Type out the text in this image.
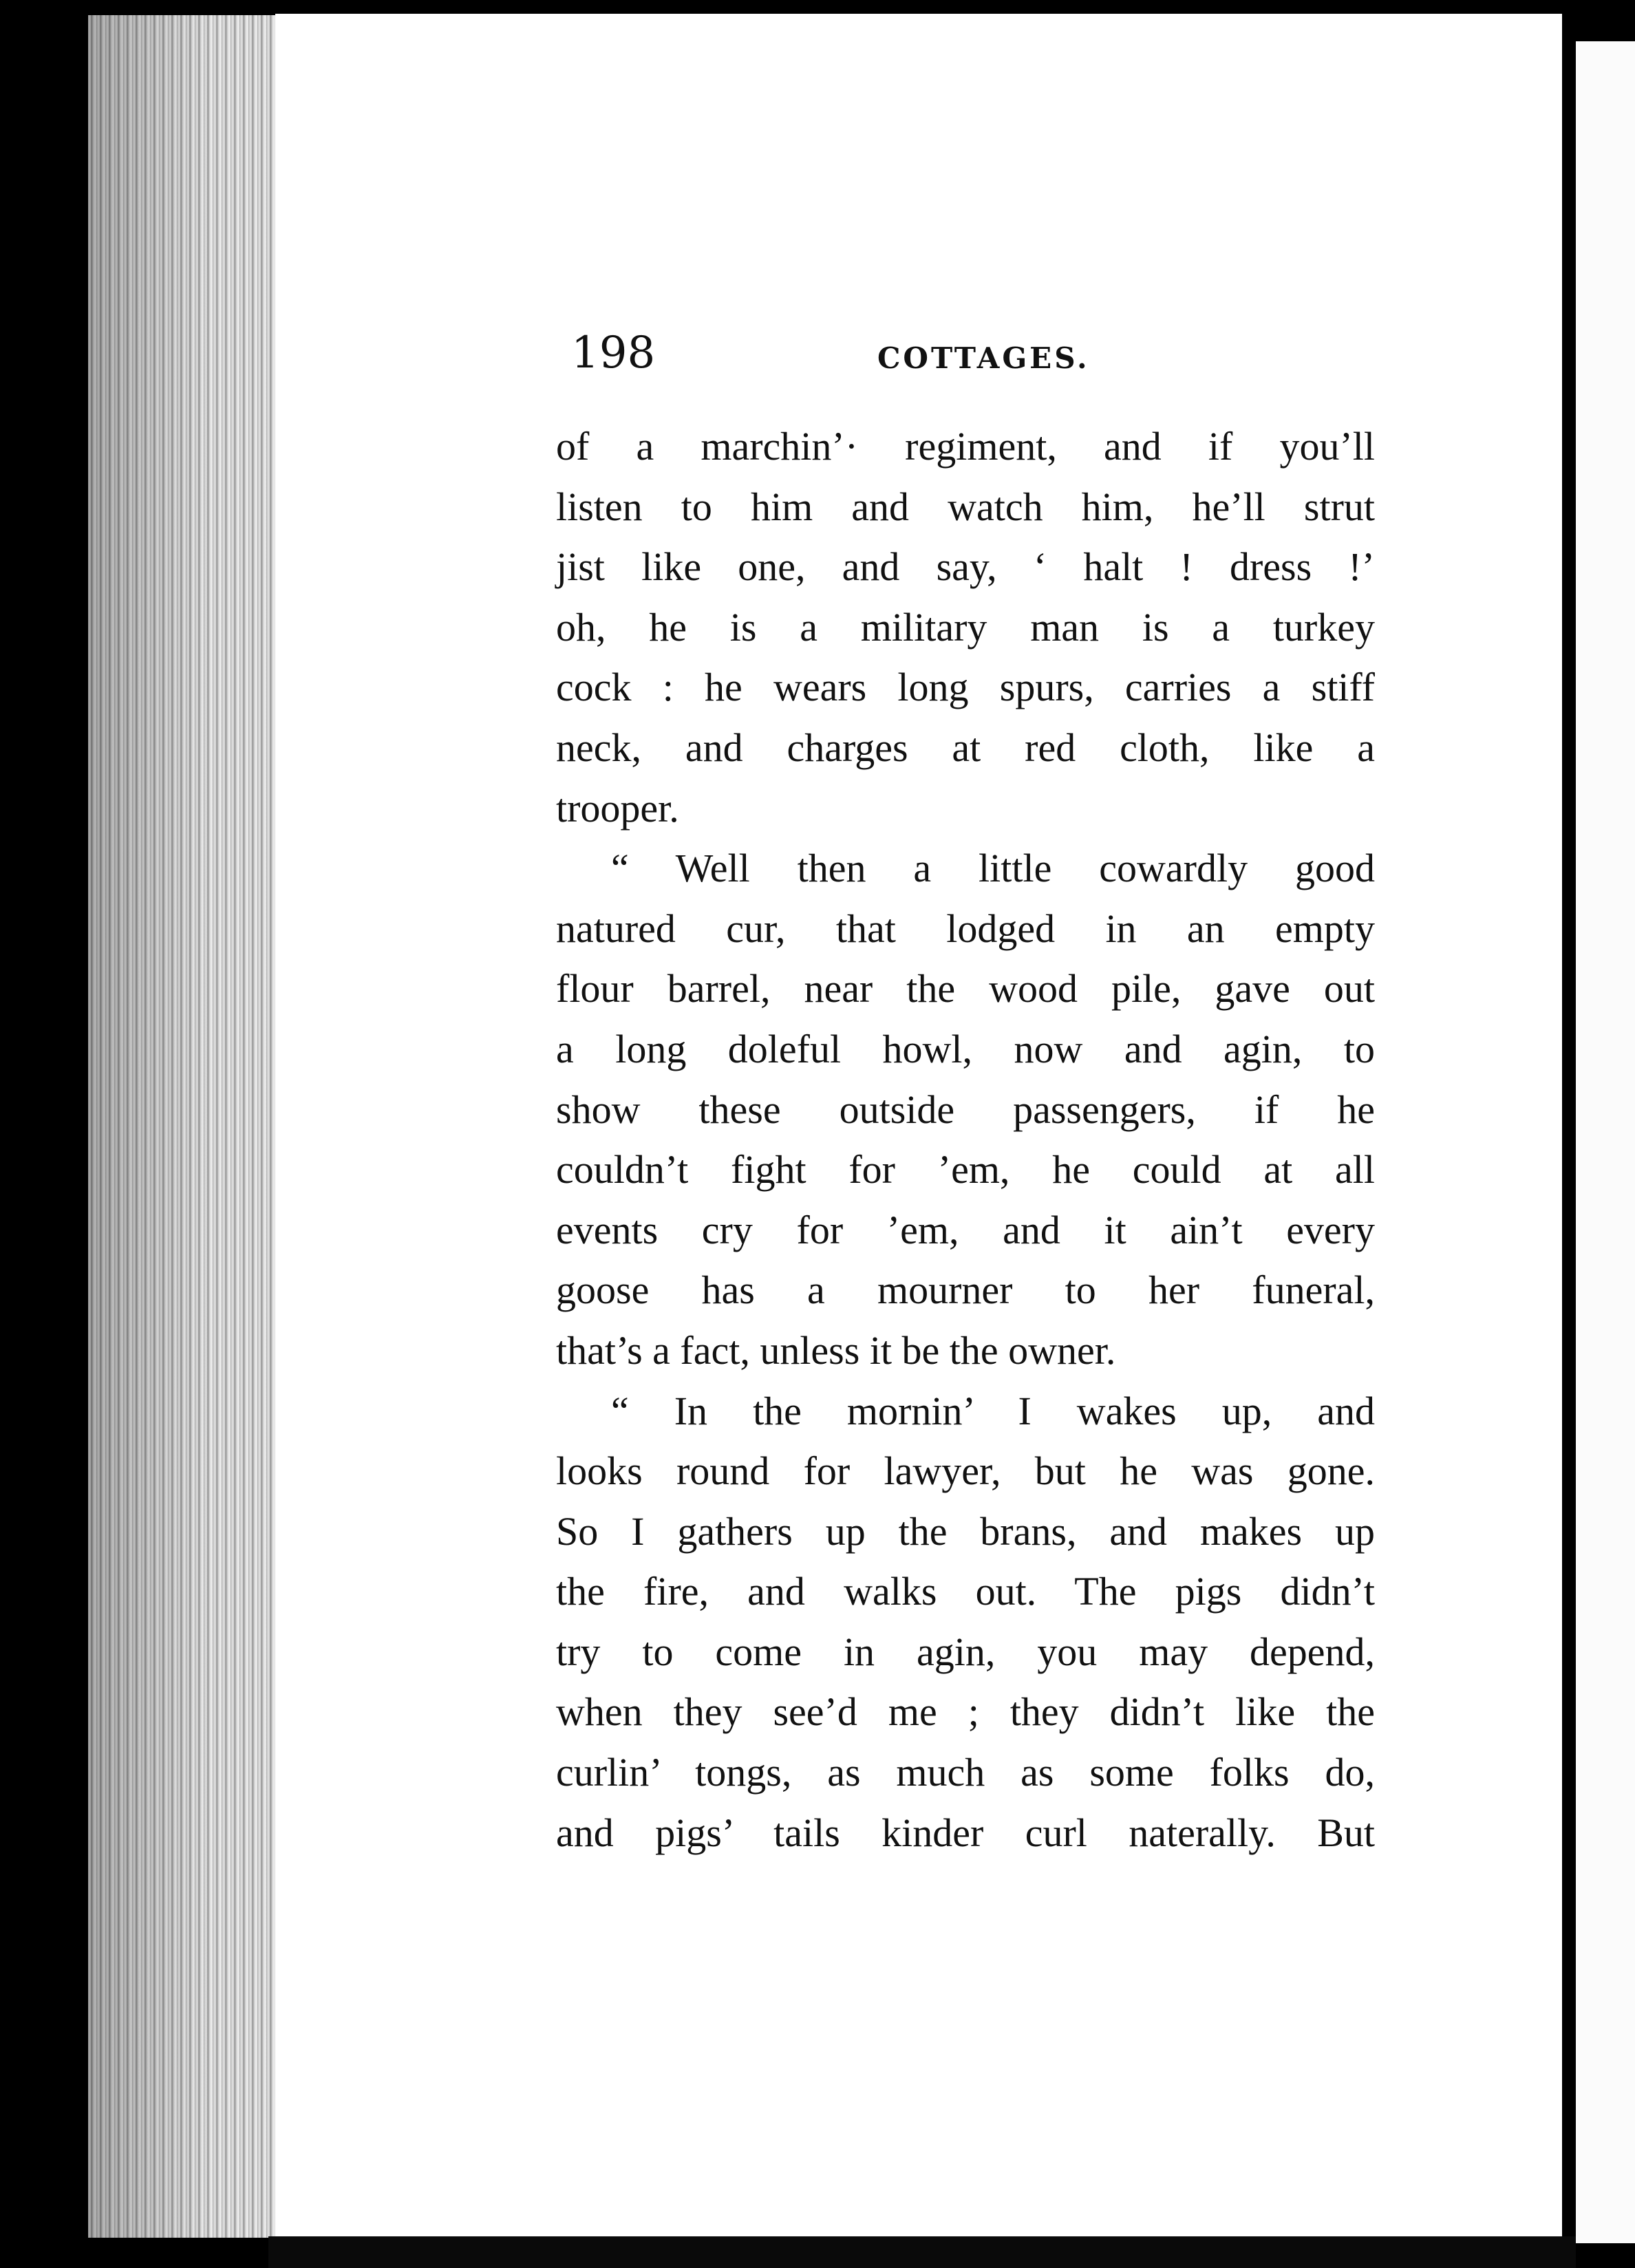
198	COTTAGES.
of a marchin’· regiment, and if you’ll
listen to him and watch him, he’ll strut
jist like one, and say, ‘ halt ! dress !’
oh, he is a military man is a turkey
cock : he wears long spurs, carries a stiff
neck, and charges at red cloth, like a
trooper.
“ Well then a little cowardly good
natured cur, that lodged in an empty
flour barrel, near the wood pile, gave out
a long doleful howl, now and agin, to
show these outside passengers, if he
couldn’t fight for ’em, he could at all
events cry for ’em, and it ain’t every
goose has a mourner to her funeral,
that’s a fact, unless it be the owner.
“ In the mornin’ I wakes up, and
looks round for lawyer, but he was gone.
So I gathers up the brans, and makes up
the fire, and walks out. The pigs didn’t
try to come in agin, you may depend,
when they see’d me ; they didn’t like the
curlin’ tongs, as much as some folks do,
and pigs’ tails kinder curl naterally. But
